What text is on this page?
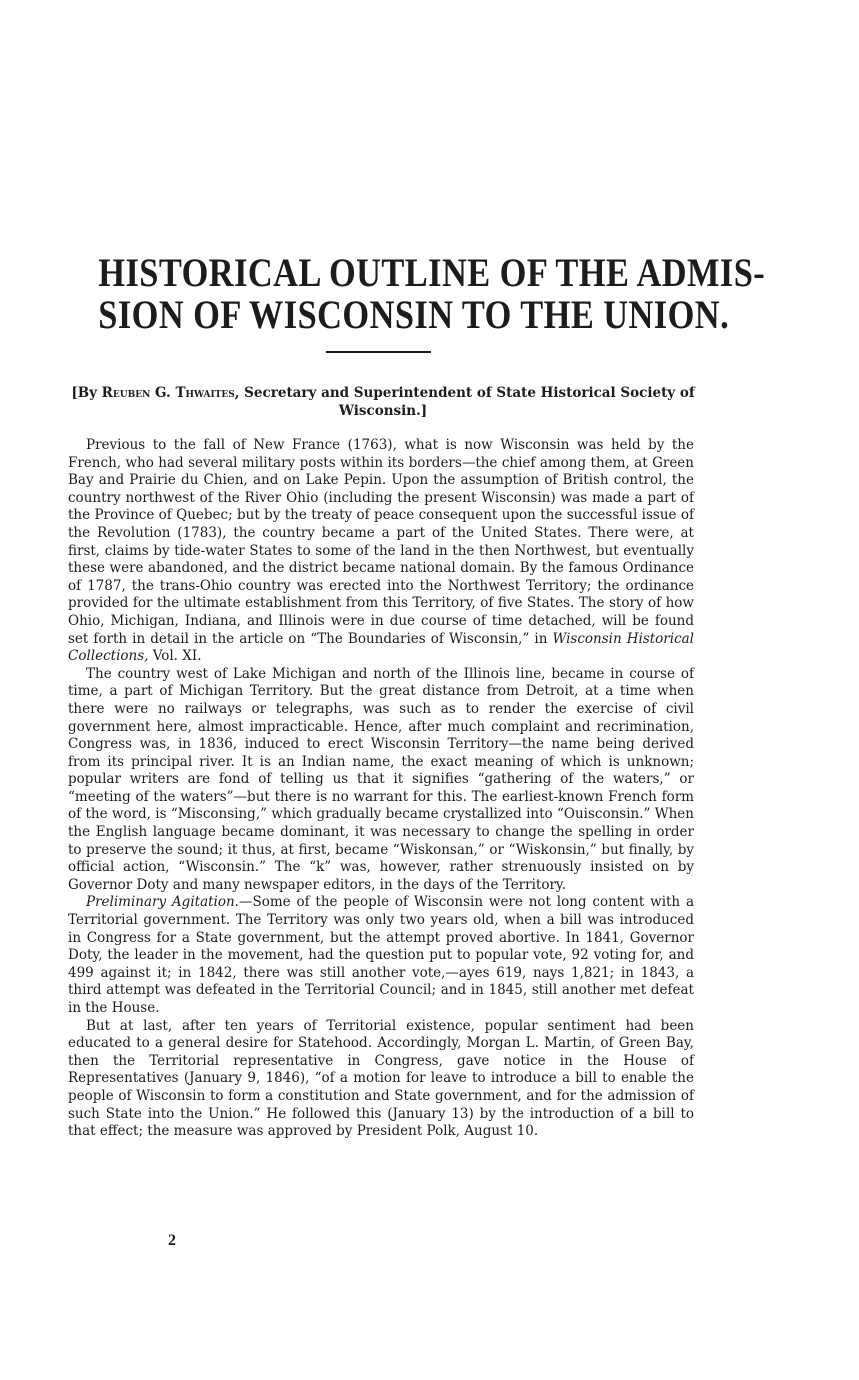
HISTORICAL OUTLINE OF THE ADMIS-
SION OF WISCONSIN TO THE UNION.
[By Reuben G. Thwaites, Secretary and Superintendent of State Historical Society of Wisconsin.]

Previous to the fall of New France (1763), what is now Wisconsin was held by the French, who had several military posts within its borders—the chief among them, at Green Bay and Prairie du Chien, and on Lake Pepin. Upon the assumption of British control, the country northwest of the River Ohio (including the present Wisconsin) was made a part of the Province of Quebec; but by the treaty of peace consequent upon the successful issue of the Revolution (1783), the country became a part of the United States. There were, at first, claims by tide-water States to some of the land in the then Northwest, but eventually these were abandoned, and the district became national domain. By the famous Ordinance of 1787, the trans-Ohio country was erected into the Northwest Territory; the ordinance provided for the ultimate establishment from this Territory, of five States. The story of how Ohio, Michigan, Indiana, and Illinois were in due course of time detached, will be found set forth in detail in the article on “The Boundaries of Wisconsin,” in Wisconsin Historical Collections, Vol. XI.

The country west of Lake Michigan and north of the Illinois line, became in course of time, a part of Michigan Territory. But the great distance from Detroit, at a time when there were no railways or telegraphs, was such as to render the exercise of civil government here, almost impracticable. Hence, after much complaint and recrimination, Congress was, in 1836, induced to erect Wisconsin Territory—the name being derived from its principal river. It is an Indian name, the exact meaning of which is unknown; popular writers are fond of telling us that it signifies “gathering of the waters,” or “meeting of the waters”—but there is no warrant for this. The earliest-known French form of the word, is “Misconsing,” which gradually became crystallized into “Ouisconsin.” When the English language became dominant, it was necessary to change the spelling in order to preserve the sound; it thus, at first, became “Wiskonsan,” or “Wiskonsin,” but finally, by official action, “Wisconsin.” The “k” was, however, rather strenuously insisted on by Governor Doty and many newspaper editors, in the days of the Territory.

Preliminary Agitation.—Some of the people of Wisconsin were not long content with a Territorial government. The Territory was only two years old, when a bill was introduced in Congress for a State government, but the attempt proved abortive. In 1841, Governor Doty, the leader in the movement, had the question put to popular vote, 92 voting for, and 499 against it; in 1842, there was still another vote,—ayes 619, nays 1,821; in 1843, a third attempt was defeated in the Territorial Council; and in 1845, still another met defeat in the House.

But at last, after ten years of Territorial existence, popular sentiment had been educated to a general desire for Statehood. Accordingly, Morgan L. Martin, of Green Bay, then the Territorial representative in Congress, gave notice in the House of Representatives (January 9, 1846), “of a motion for leave to introduce a bill to enable the people of Wisconsin to form a constitution and State government, and for the admission of such State into the Union.” He followed this (January 13) by the introduction of a bill to that effect; the measure was approved by President Polk, August 10.

2
